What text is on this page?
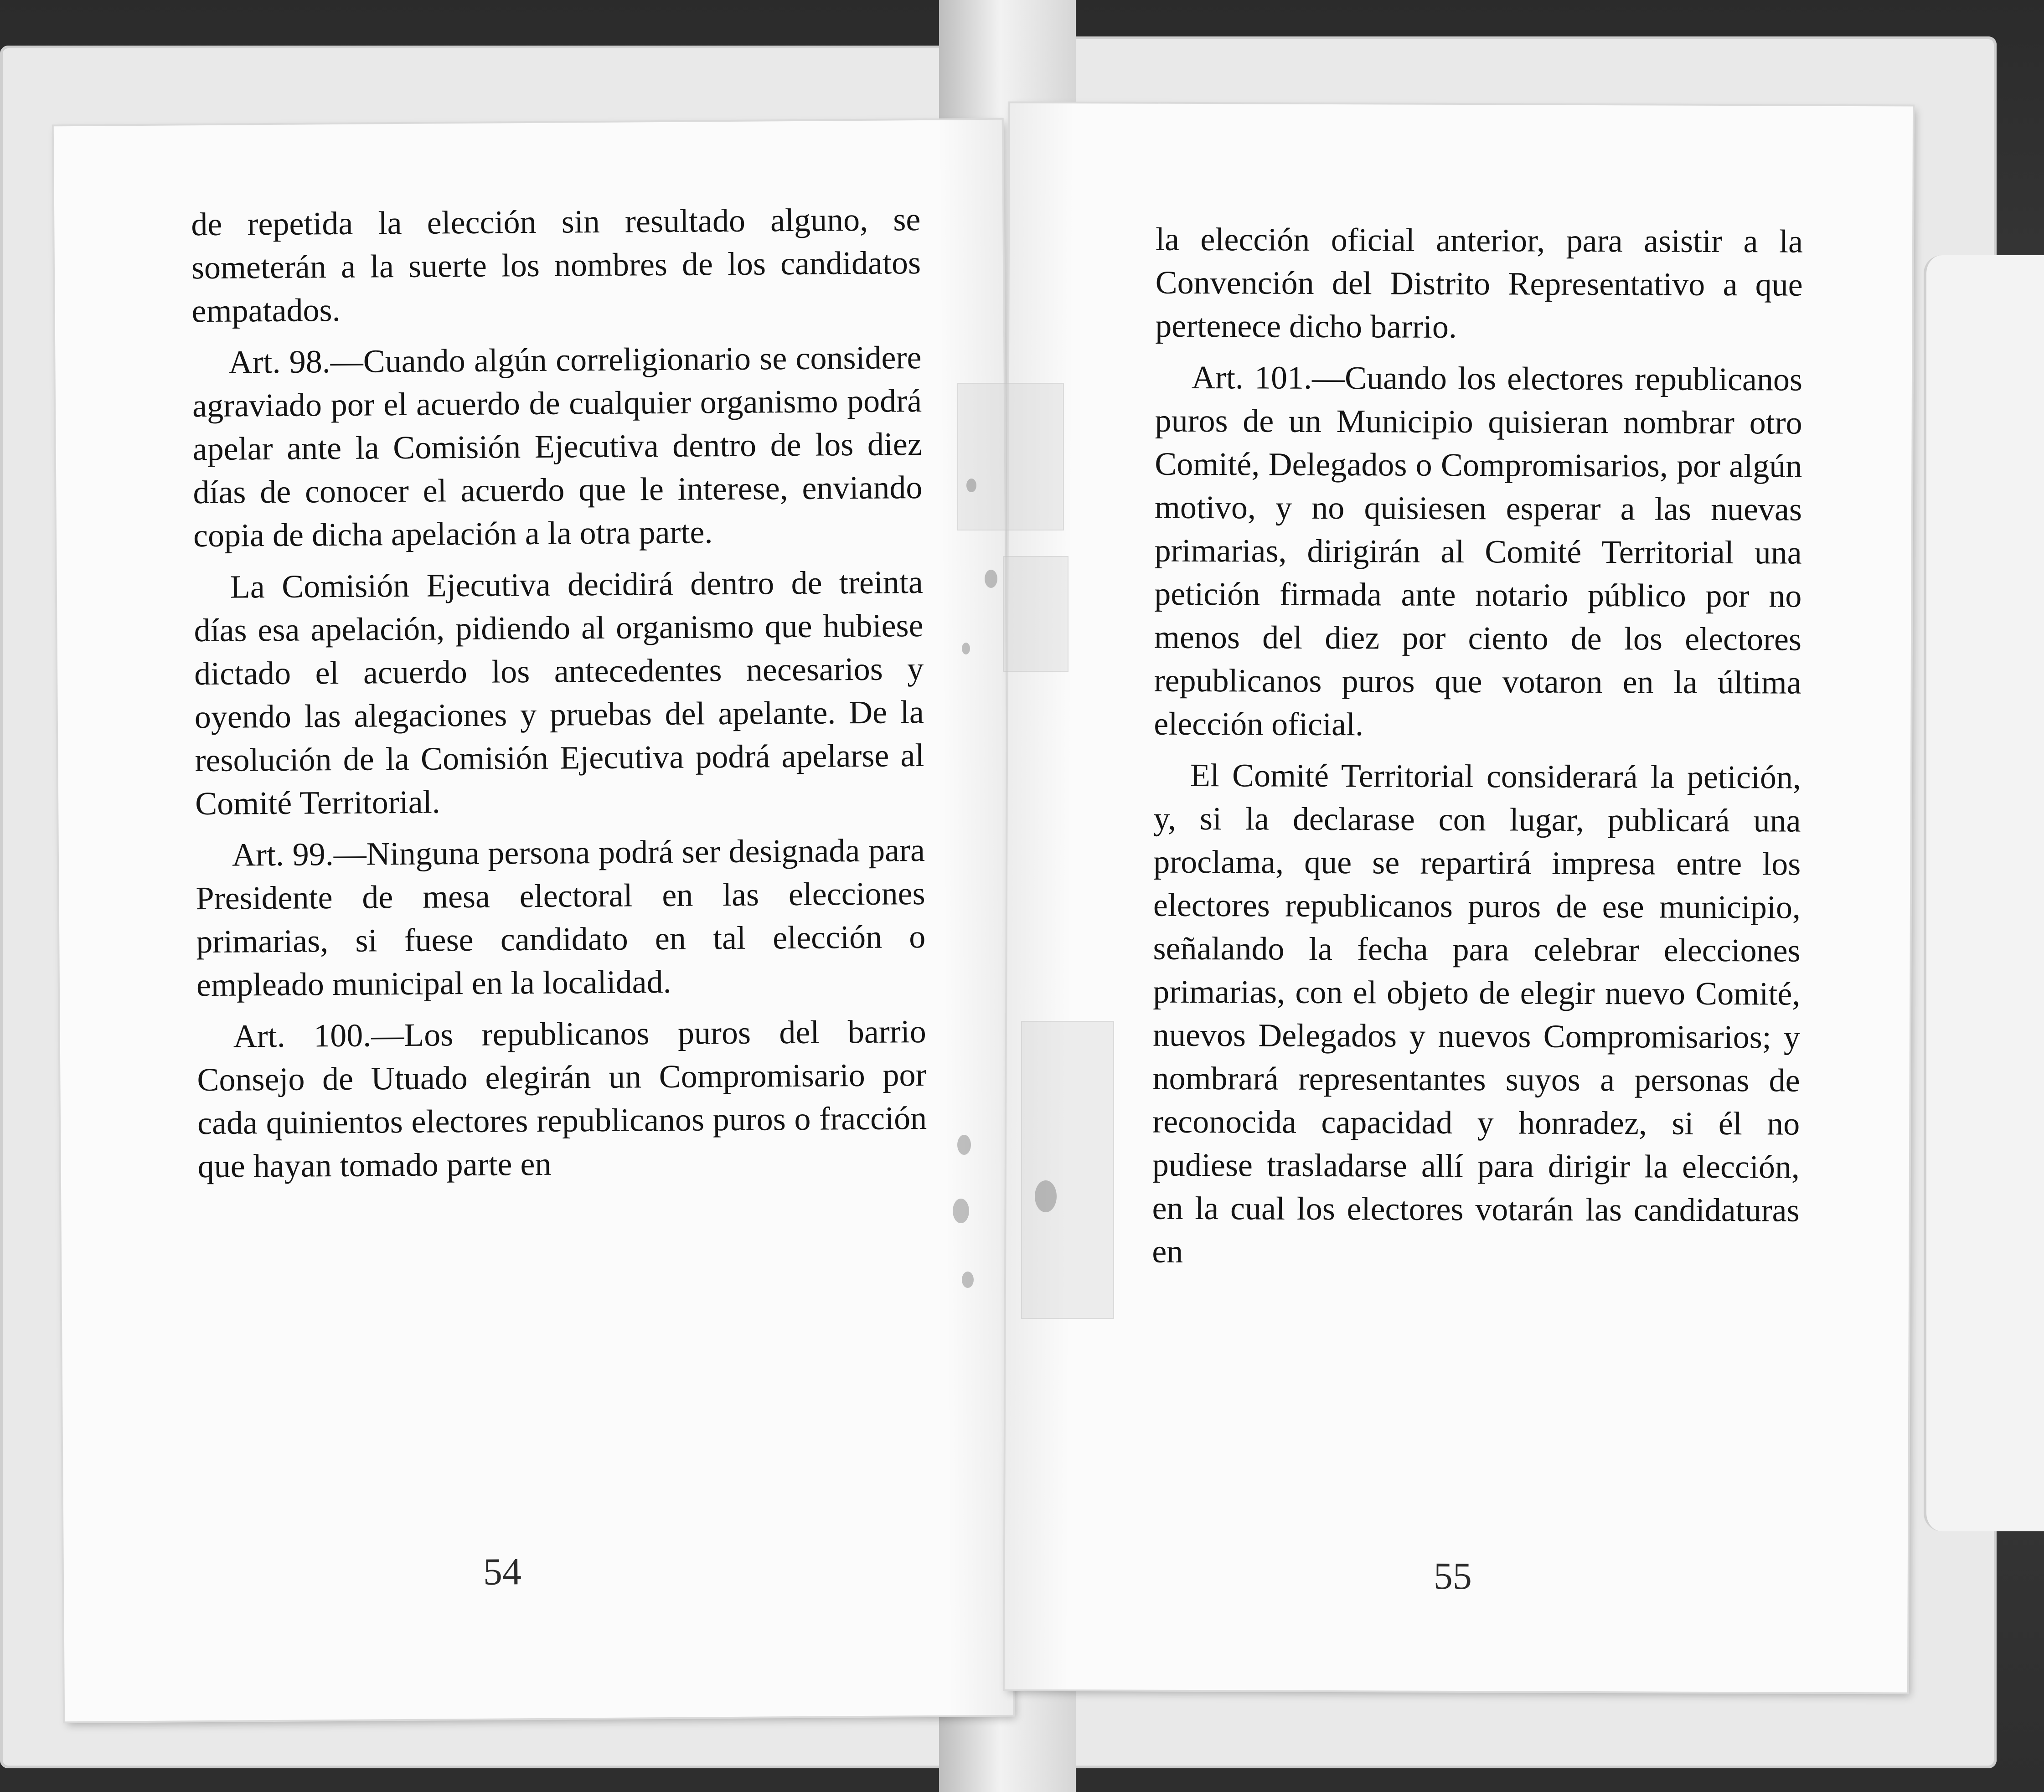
de repetida la elección sin resultado alguno, se someterán a la suerte los nombres de los candidatos empatados.

Art. 98.—Cuando algún correligionario se considere agraviado por el acuerdo de cualquier organismo podrá apelar ante la Comisión Ejecutiva dentro de los diez días de conocer el acuerdo que le interese, enviando copia de dicha apelación a la otra parte.

La Comisión Ejecutiva decidirá dentro de treinta días esa apelación, pidiendo al organismo que hubiese dictado el acuerdo los antecedentes necesarios y oyendo las alegaciones y pruebas del apelante. De la resolución de la Comisión Ejecutiva podrá apelarse al Comité Territorial.

Art. 99.—Ninguna persona podrá ser designada para Presidente de mesa electoral en las elecciones primarias, si fuese candidato en tal elección o empleado municipal en la localidad.

Art. 100.—Los republicanos puros del barrio Consejo de Utuado elegirán un Compromisario por cada quinientos electores republicanos puros o fracción que hayan tomado parte en

54

la elección oficial anterior, para asistir a la Convención del Distrito Representativo a que pertenece dicho barrio.

Art. 101.—Cuando los electores republicanos puros de un Municipio quisieran nombrar otro Comité, Delegados o Compromisarios, por algún motivo, y no quisiesen esperar a las nuevas primarias, dirigirán al Comité Territorial una petición firmada ante notario público por no menos del diez por ciento de los electores republicanos puros que votaron en la última elección oficial.

El Comité Territorial considerará la petición, y, si la declarase con lugar, publicará una proclama, que se repartirá impresa entre los electores republicanos puros de ese municipio, señalando la fecha para celebrar elecciones primarias, con el objeto de elegir nuevo Comité, nuevos Delegados y nuevos Compromisarios; y nombrará representantes suyos a personas de reconocida capacidad y honradez, si él no pudiese trasladarse allí para dirigir la elección, en la cual los electores votarán las candidaturas en

55
